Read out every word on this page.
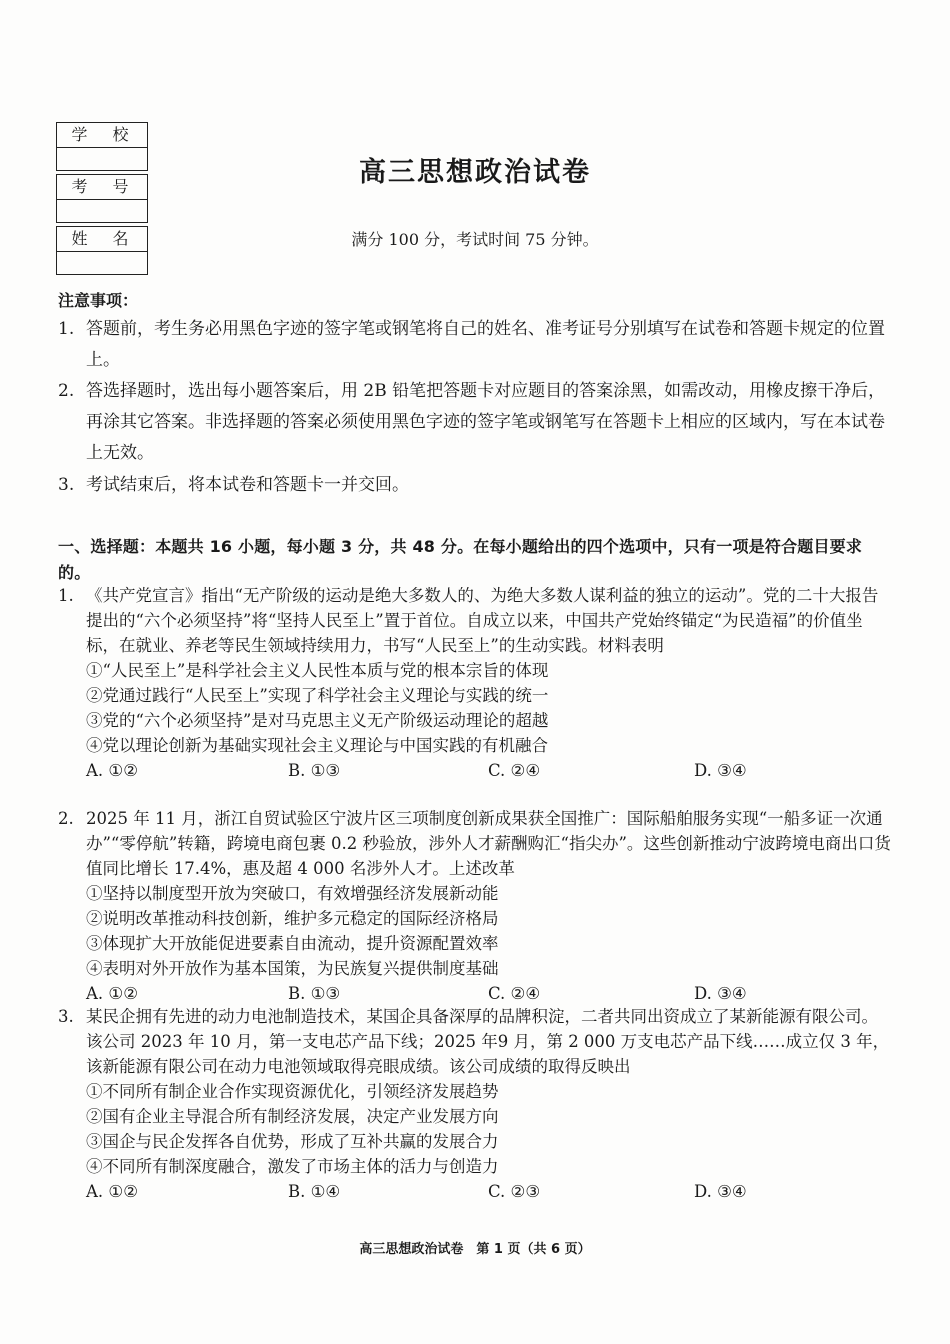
学 校
考 号
姓 名
高三思想政治试卷
满分 100 分，考试时间 75 分钟。
注意事项：
1. 答题前，考生务必用黑色字迹的签字笔或钢笔将自己的姓名、准考证号分别填写在试卷和答题卡规定的位置上。
2. 答选择题时，选出每小题答案后，用 2B 铅笔把答题卡对应题目的答案涂黑，如需改动，用橡皮擦干净后，再涂其它答案。非选择题的答案必须使用黑色字迹的签字笔或钢笔写在答题卡上相应的区域内，写在本试卷上无效。
3. 考试结束后，将本试卷和答题卡一并交回。
一、选择题：本题共 16 小题，每小题 3 分，共 48 分。在每小题给出的四个选项中，只有一项是符合题目要求的。
1. 《共产党宣言》指出“无产阶级的运动是绝大多数人的、为绝大多数人谋利益的独立的运动”。党的二十大报告提出的“六个必须坚持”将“坚持人民至上”置于首位。自成立以来，中国共产党始终锚定“为民造福”的价值坐标，在就业、养老等民生领域持续用力，书写“人民至上”的生动实践。材料表明
①“人民至上”是科学社会主义人民性本质与党的根本宗旨的体现
②党通过践行“人民至上”实现了科学社会主义理论与实践的统一
③党的“六个必须坚持”是对马克思主义无产阶级运动理论的超越
④党以理论创新为基础实现社会主义理论与中国实践的有机融合
A. ①②	B. ①③	C. ②④	D. ③④
2. 2025 年 11 月，浙江自贸试验区宁波片区三项制度创新成果获全国推广：国际船舶服务实现“一船多证一次通办”“零停航”转籍，跨境电商包裹 0.2 秒验放，涉外人才薪酬购汇“指尖办”。这些创新推动宁波跨境电商出口货值同比增长 17.4%，惠及超 4 000 名涉外人才。上述改革
①坚持以制度型开放为突破口，有效增强经济发展新动能
②说明改革推动科技创新，维护多元稳定的国际经济格局
③体现扩大开放能促进要素自由流动，提升资源配置效率
④表明对外开放作为基本国策，为民族复兴提供制度基础
A. ①②	B. ①③	C. ②④	D. ③④
3. 某民企拥有先进的动力电池制造技术，某国企具备深厚的品牌积淀，二者共同出资成立了某新能源有限公司。该公司 2023 年 10 月，第一支电芯产品下线；2025 年9 月，第 2 000 万支电芯产品下线……成立仅 3 年，该新能源有限公司在动力电池领域取得亮眼成绩。该公司成绩的取得反映出
①不同所有制企业合作实现资源优化，引领经济发展趋势
②国有企业主导混合所有制经济发展，决定产业发展方向
③国企与民企发挥各自优势，形成了互补共赢的发展合力
④不同所有制深度融合，激发了市场主体的活力与创造力
A. ①②	B. ①④	C. ②③	D. ③④
高三思想政治试卷　第 1 页（共 6 页）
